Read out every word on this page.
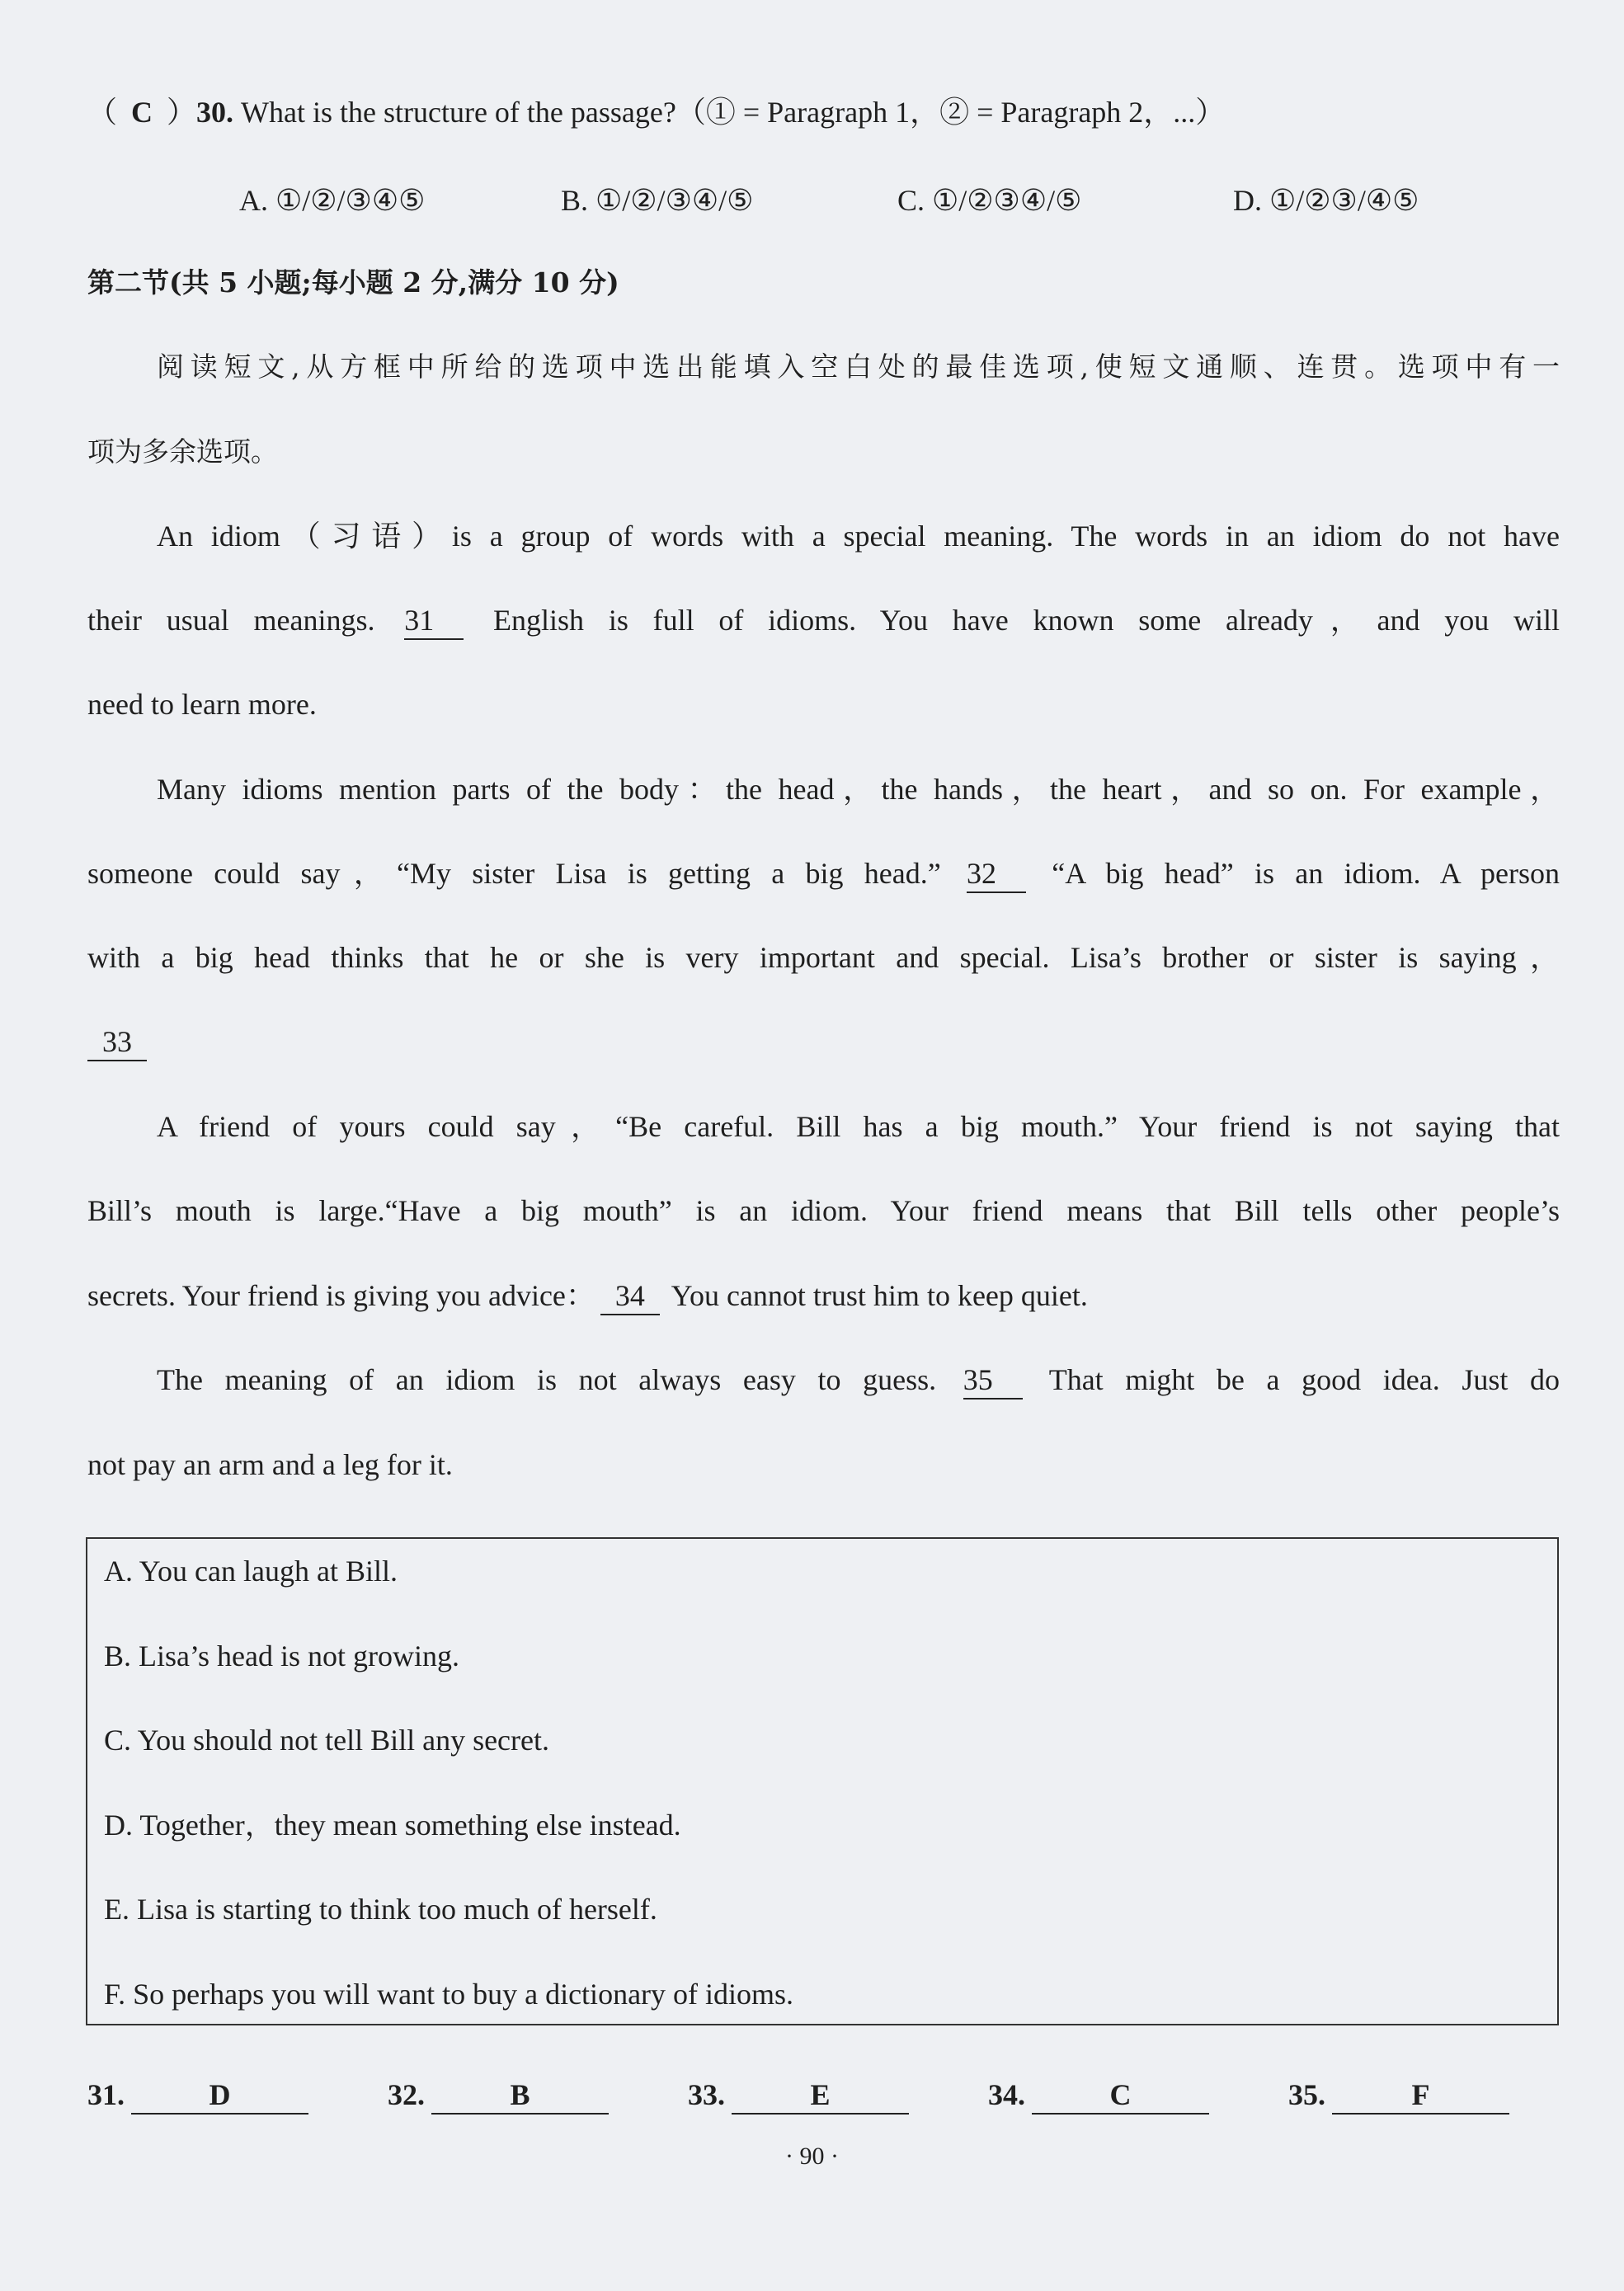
（ C ）30. What is the structure of the passage?（① = Paragraph 1，② = Paragraph 2，...）
A. ①/②/③④⑤	B. ①/②/③④/⑤	C. ①/②③④/⑤	D. ①/②③/④⑤
第二节(共 5 小题;每小题 2 分,满分 10 分)
阅读短文,从方框中所给的选项中选出能填入空白处的最佳选项,使短文通顺、连贯。选项中有一
项为多余选项。
An idiom（习语）is a group of words with a special meaning. The words in an idiom do not have
their usual meanings. 31 English is full of idioms. You have known some already，and you will
need to learn more.
Many idioms mention parts of the body：the head，the hands，the heart，and so on. For example，
someone could say，“My sister Lisa is getting a big head.” 32 “A big head” is an idiom. A person
with a big head thinks that he or she is very important and special. Lisa’s brother or sister is saying，
33
A friend of yours could say，“Be careful. Bill has a big mouth.” Your friend is not saying that
Bill’s mouth is large.“Have a big mouth” is an idiom. Your friend means that Bill tells other people’s
secrets. Your friend is giving you advice： 34 You cannot trust him to keep quiet.
The meaning of an idiom is not always easy to guess. 35 That might be a good idea. Just do
not pay an arm and a leg for it.
A. You can laugh at Bill.
B. Lisa’s head is not growing.
C. You should not tell Bill any secret.
D. Together，they mean something else instead.
E. Lisa is starting to think too much of herself.
F. So perhaps you will want to buy a dictionary of idioms.
31.	D	32.	B	33.	E	34.	C	35.	F
· 90 ·
